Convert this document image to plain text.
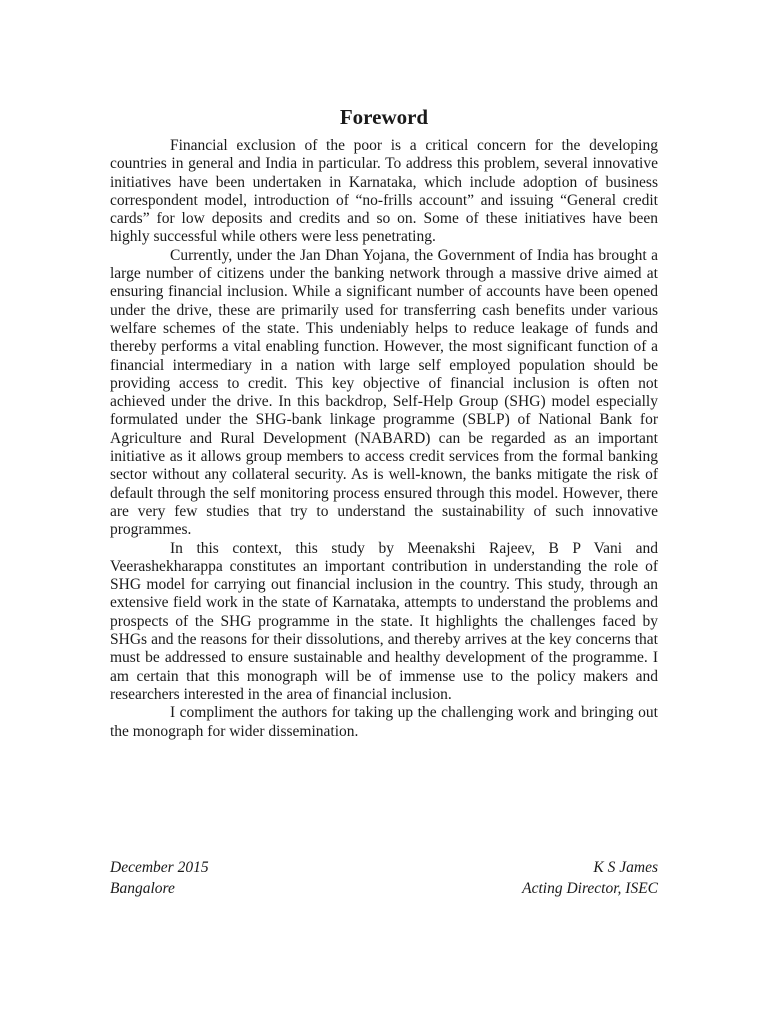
Foreword

Financial exclusion of the poor is a critical concern for the developing countries in general and India in particular. To address this problem, several innovative initiatives have been undertaken in Karnataka, which include adoption of business correspondent model, introduction of “no-frills account” and issuing “General credit cards” for low deposits and credits and so on. Some of these initiatives have been highly successful while others were less penetrating.

Currently, under the Jan Dhan Yojana, the Government of India has brought a large number of citizens under the banking network through a massive drive aimed at ensuring financial inclusion. While a significant number of accounts have been opened under the drive, these are primarily used for transferring cash benefits under various welfare schemes of the state. This undeniably helps to reduce leakage of funds and thereby performs a vital enabling function. However, the most significant function of a financial intermediary in a nation with large self employed population should be providing access to credit. This key objective of financial inclusion is often not achieved under the drive. In this backdrop, Self-Help Group (SHG) model especially formulated under the SHG-bank linkage programme (SBLP) of National Bank for Agriculture and Rural Development (NABARD) can be regarded as an important initiative as it allows group members to access credit services from the formal banking sector without any collateral security. As is well-known, the banks mitigate the risk of default through the self monitoring process ensured through this model. However, there are very few studies that try to understand the sustainability of such innovative programmes.

In this context, this study by Meenakshi Rajeev, B P Vani and Veerashekharappa constitutes an important contribution in understanding the role of SHG model for carrying out financial inclusion in the country. This study, through an extensive field work in the state of Karnataka, attempts to understand the problems and prospects of the SHG programme in the state. It highlights the challenges faced by SHGs and the reasons for their dissolutions, and thereby arrives at the key concerns that must be addressed to ensure sustainable and healthy development of the programme. I am certain that this monograph will be of immense use to the policy makers and researchers interested in the area of financial inclusion.

I compliment the authors for taking up the challenging work and bringing out the monograph for wider dissemination.

December 2015	K S James
Bangalore	Acting Director, ISEC
